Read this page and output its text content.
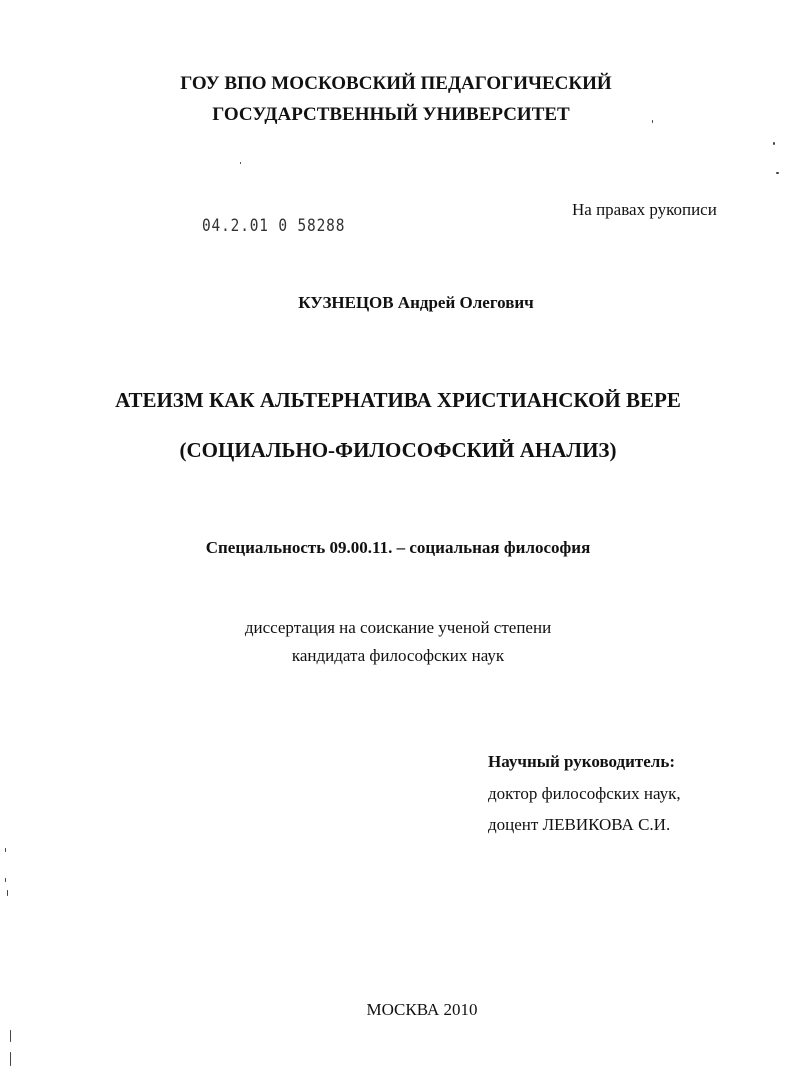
ГОУ ВПО МОСКОВСКИЙ ПЕДАГОГИЧЕСКИЙ
ГОСУДАРСТВЕННЫЙ УНИВЕРСИТЕТ
На правах рукописи
04.2.01 0 58288
КУЗНЕЦОВ Андрей Олегович
АТЕИЗМ КАК АЛЬТЕРНАТИВА ХРИСТИАНСКОЙ ВЕРЕ
(СОЦИАЛЬНО-ФИЛОСОФСКИЙ АНАЛИЗ)
Специальность 09.00.11. – социальная философия
диссертация на соискание ученой степени
кандидата философских наук
Научный руководитель:
доктор философских наук,
доцент ЛЕВИКОВА С.И.
МОСКВА 2010
